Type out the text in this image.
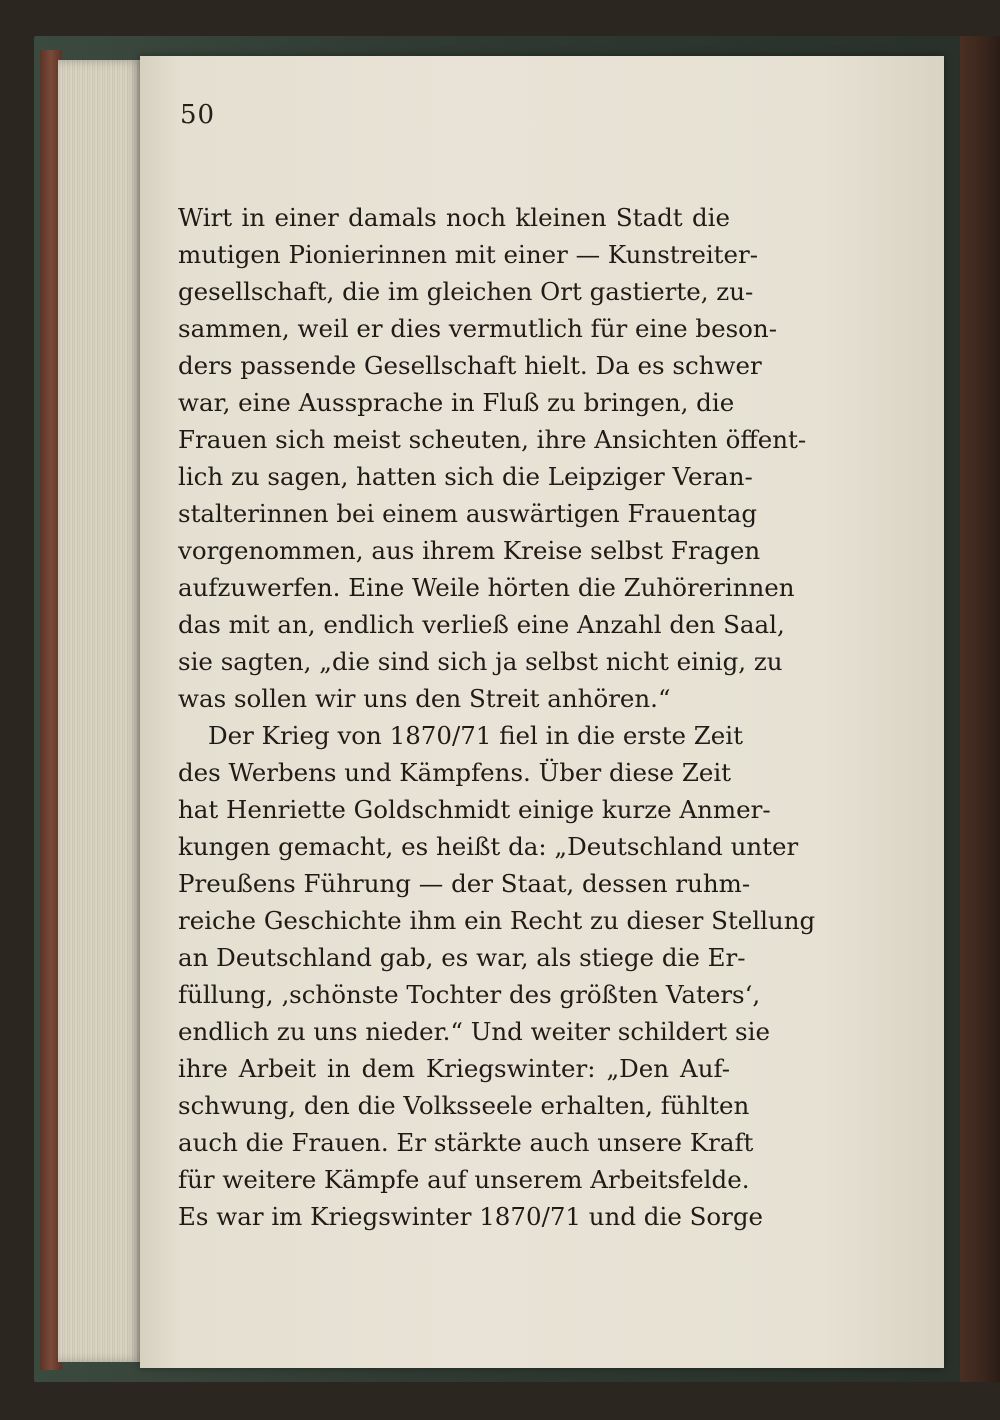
50
Wirt in einer damals noch kleinen Stadt die
mutigen Pionierinnen mit einer — Kunstreiter-
gesellschaft, die im gleichen Ort gastierte, zu-
sammen, weil er dies vermutlich für eine beson-
ders passende Gesellschaft hielt. Da es schwer
war, eine Aussprache in Fluß zu bringen, die
Frauen sich meist scheuten, ihre Ansichten öffent-
lich zu sagen, hatten sich die Leipziger Veran-
stalterinnen bei einem auswärtigen Frauentag
vorgenommen, aus ihrem Kreise selbst Fragen
aufzuwerfen. Eine Weile hörten die Zuhörerinnen
das mit an, endlich verließ eine Anzahl den Saal,
sie sagten, „die sind sich ja selbst nicht einig, zu
was sollen wir uns den Streit anhören.“
Der Krieg von 1870/71 fiel in die erste Zeit
des Werbens und Kämpfens. Über diese Zeit
hat Henriette Goldschmidt einige kurze Anmer-
kungen gemacht, es heißt da: „Deutschland unter
Preußens Führung — der Staat, dessen ruhm-
reiche Geschichte ihm ein Recht zu dieser Stellung
an Deutschland gab, es war, als stiege die Er-
füllung, ‚schönste Tochter des größten Vaters‘,
endlich zu uns nieder.“ Und weiter schildert sie
ihre Arbeit in dem Kriegswinter: „Den Auf-
schwung, den die Volksseele erhalten, fühlten
auch die Frauen. Er stärkte auch unsere Kraft
für weitere Kämpfe auf unserem Arbeitsfelde.
Es war im Kriegswinter 1870/71 und die Sorge
